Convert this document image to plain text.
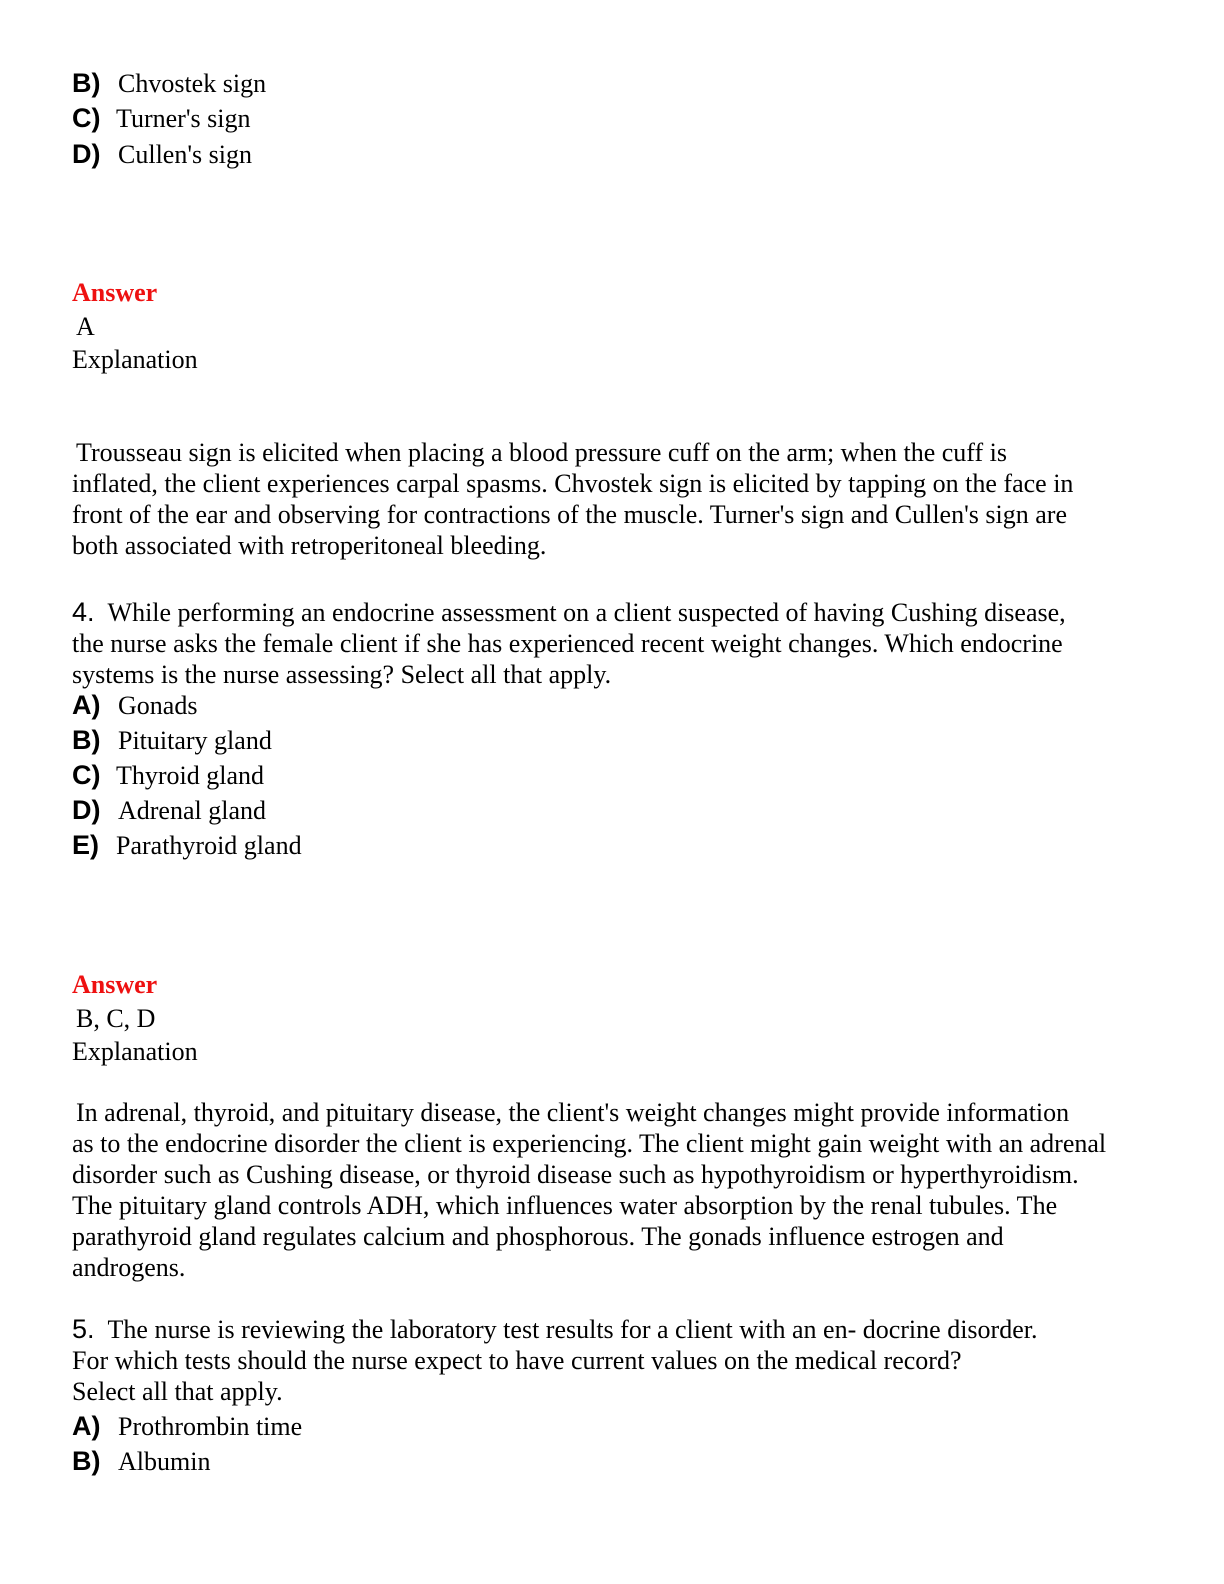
B) Chvostek sign
C) Turner's sign
D) Cullen's sign
Answer
A
Explanation

Trousseau sign is elicited when placing a blood pressure cuff on the arm; when the cuff is

inflated, the client experiences carpal spasms. Chvostek sign is elicited by tapping on the face in

front of the ear and observing for contractions of the muscle. Turner's sign and Cullen's sign are

both associated with retroperitoneal bleeding.

4. While performing an endocrine assessment on a client suspected of having Cushing disease,

the nurse asks the female client if she has experienced recent weight changes. Which endocrine

systems is the nurse assessing? Select all that apply.

A) Gonads
B) Pituitary gland
C) Thyroid gland
D) Adrenal gland
E) Parathyroid gland
Answer
B, C, D
Explanation

In adrenal, thyroid, and pituitary disease, the client's weight changes might provide information

as to the endocrine disorder the client is experiencing. The client might gain weight with an adrenal

disorder such as Cushing disease, or thyroid disease such as hypothyroidism or hyperthyroidism.

The pituitary gland controls ADH, which influences water absorption by the renal tubules. The

parathyroid gland regulates calcium and phosphorous. The gonads influence estrogen and

androgens.

5. The nurse is reviewing the laboratory test results for a client with an en- docrine disorder.

For which tests should the nurse expect to have current values on the medical record?

Select all that apply.

A) Prothrombin time
B) Albumin
